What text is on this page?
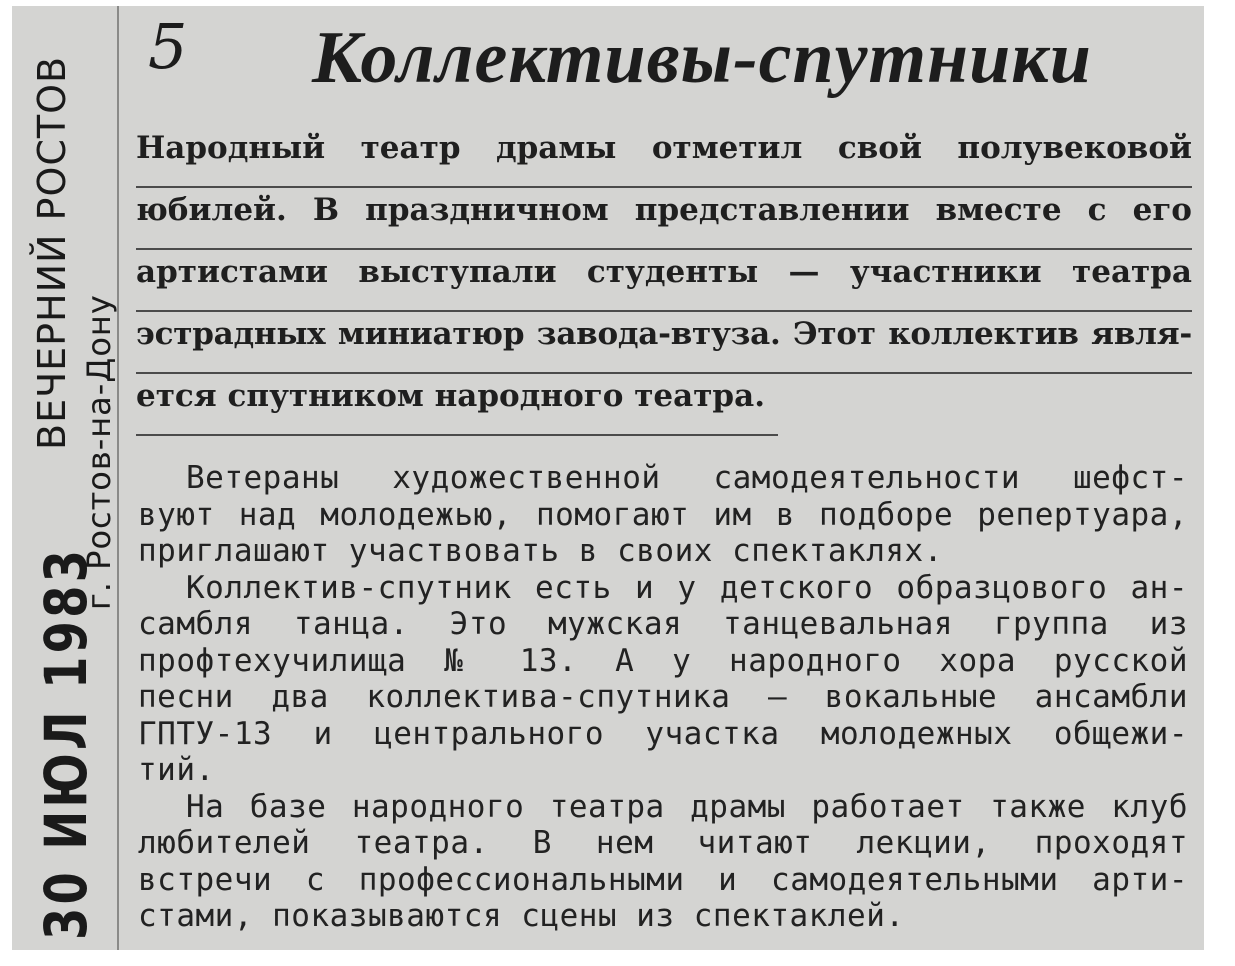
30 ИЮЛ 1983
ВЕЧЕРНИЙ РОСТОВ
г. Ростов-на-Дону
5 Коллективы-спутники
Народный театр драмы отметил свой полувековой
юбилей. В праздничном представлении вместе с его
артистами выступали студенты — участники театра
эстрадных миниатюр завода-втуза. Этот коллектив явля-
ется спутником народного театра.
Ветераны художественной самодеятельности шефст-
вуют над молодежью, помогают им в подборе репертуара,
приглашают участвовать в своих спектаклях.
Коллектив-спутник есть и у детского образцового ан-
самбля танца. Это мужская танцевальная группа из
профтехучилища № 13. А у народного хора русской
песни два коллектива-спутника — вокальные ансамбли
ГПТУ-13 и центрального участка молодежных общежи-
тий.
На базе народного театра драмы работает также клуб
любителей театра. В нем читают лекции, проходят
встречи с профессиональными и самодеятельными арти-
стами, показываются сцены из спектаклей.
